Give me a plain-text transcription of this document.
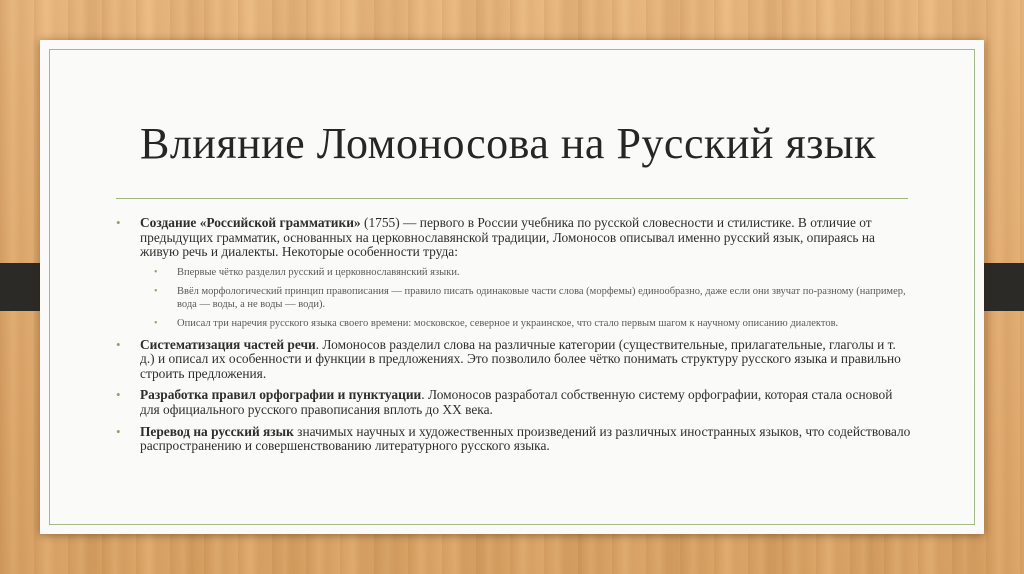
Влияние Ломоносова на Русский язык
• Создание «Российской грамматики» (1755) — первого в России учебника по русской словесности и стилистике. В отличие от предыдущих грамматик, основанных на церковнославянской традиции, Ломоносов описывал именно русский язык, опираясь на живую речь и диалекты. Некоторые особенности труда:
• Впервые чётко разделил русский и церковнославянский языки.
• Ввёл морфологический принцип правописания — правило писать одинаковые части слова (морфемы) единообразно, даже если они звучат по-разному (например, вода — воды, а не воды — води).
• Описал три наречия русского языка своего времени: московское, северное и украинское, что стало первым шагом к научному описанию диалектов.
• Систематизация частей речи. Ломоносов разделил слова на различные категории (существительные, прилагательные, глаголы и т. д.) и описал их особенности и функции в предложениях. Это позволило более чётко понимать структуру русского языка и правильно строить предложения.
• Разработка правил орфографии и пунктуации. Ломоносов разработал собственную систему орфографии, которая стала основой для официального русского правописания вплоть до XX века.
• Перевод на русский язык значимых научных и художественных произведений из различных иностранных языков, что содействовало распространению и совершенствованию литературного русского языка.
